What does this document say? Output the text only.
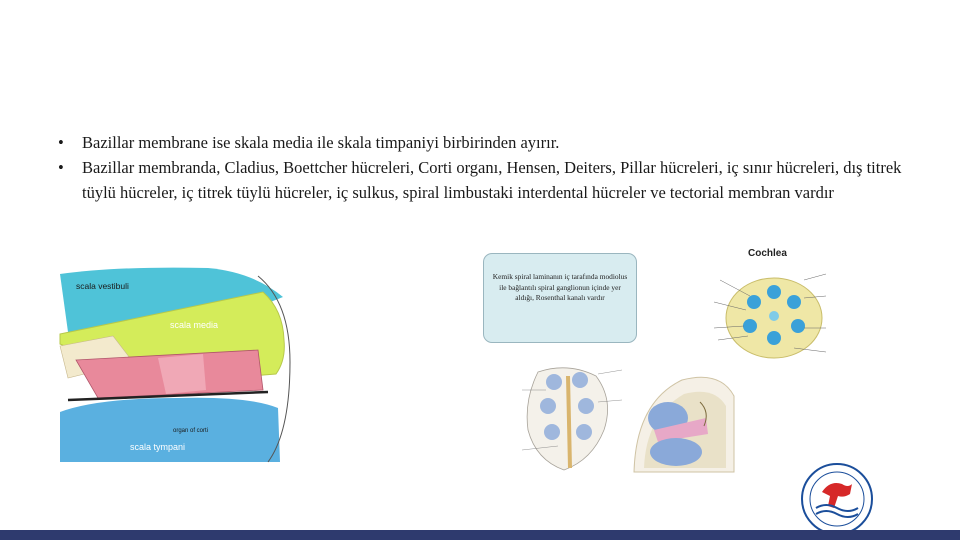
• Bazillar membrane ise skala media ile skala timpaniyi birbirinden ayırır.
• Bazillar membranda, Cladius, Boettcher hücreleri, Corti organı, Hensen, Deiters, Pillar hücreleri, iç sınır hücreleri, dış titrek tüylü hücreler, iç titrek tüylü hücreler, iç sulkus, spiral limbustaki interdental hücreler ve tectorial membran vardır
scala vestibuli
scala media
organ of corti
scala tympani
Kemik spiral laminanın iç tarafında modiolus ile bağlantılı spiral ganglionun içinde yer aldığı, Rosenthal kanalı vardır
Cochlea
